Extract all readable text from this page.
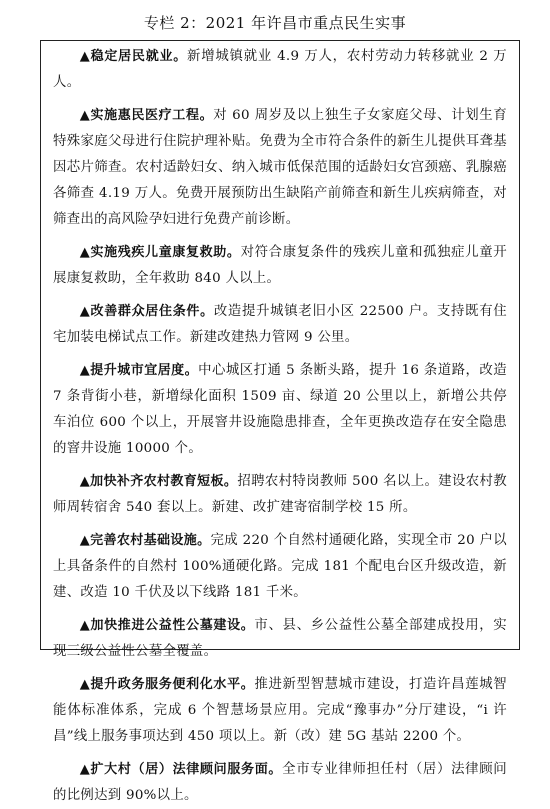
专栏 2：2021 年许昌市重点民生实事

▲稳定居民就业。新增城镇就业 4.9 万人，农村劳动力转移就业 2 万人。

▲实施惠民医疗工程。对 60 周岁及以上独生子女家庭父母、计划生育特殊家庭父母进行住院护理补贴。免费为全市符合条件的新生儿提供耳聋基因芯片筛查。农村适龄妇女、纳入城市低保范围的适龄妇女宫颈癌、乳腺癌各筛查 4.19 万人。免费开展预防出生缺陷产前筛查和新生儿疾病筛查，对筛查出的高风险孕妇进行免费产前诊断。

▲实施残疾儿童康复救助。对符合康复条件的残疾儿童和孤独症儿童开展康复救助，全年救助 840 人以上。

▲改善群众居住条件。改造提升城镇老旧小区 22500 户。支持既有住宅加装电梯试点工作。新建改建热力管网 9 公里。

▲提升城市宜居度。中心城区打通 5 条断头路，提升 16 条道路，改造 7 条背街小巷，新增绿化面积 1509 亩、绿道 20 公里以上，新增公共停车泊位 600 个以上，开展窨井设施隐患排查，全年更换改造存在安全隐患的窨井设施 10000 个。

▲加快补齐农村教育短板。招聘农村特岗教师 500 名以上。建设农村教师周转宿舍 540 套以上。新建、改扩建寄宿制学校 15 所。

▲完善农村基础设施。完成 220 个自然村通硬化路，实现全市 20 户以上具备条件的自然村 100%通硬化路。完成 181 个配电台区升级改造，新建、改造 10 千伏及以下线路 181 千米。

▲加快推进公益性公墓建设。市、县、乡公益性公墓全部建成投用，实现三级公益性公墓全覆盖。

▲提升政务服务便利化水平。推进新型智慧城市建设，打造许昌莲城智能体标准体系，完成 6 个智慧场景应用。完成“豫事办”分厅建设，“i 许昌”线上服务事项达到 450 项以上。新（改）建 5G 基站 2200 个。

▲扩大村（居）法律顾问服务面。全市专业律师担任村（居）法律顾问的比例达到 90%以上。
